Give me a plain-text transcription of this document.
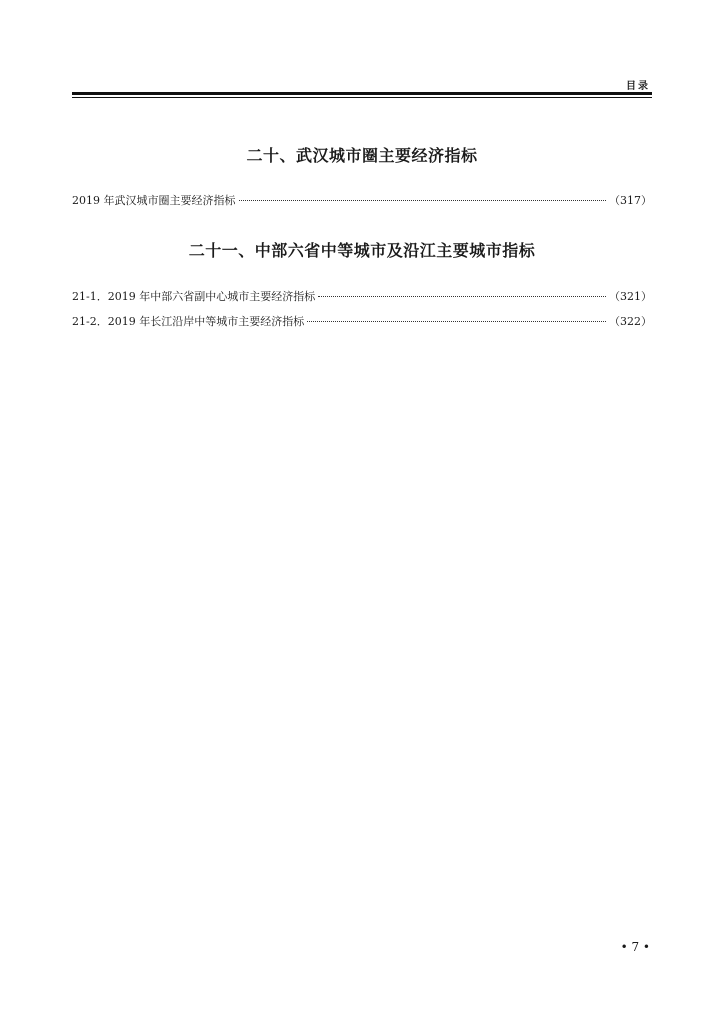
目录
二十、武汉城市圈主要经济指标
2019 年武汉城市圈主要经济指标	（317）
二十一、中部六省中等城市及沿江主要城市指标
21-1．2019 年中部六省副中心城市主要经济指标	（321）
21-2．2019 年长江沿岸中等城市主要经济指标	（322）
• 7 •
